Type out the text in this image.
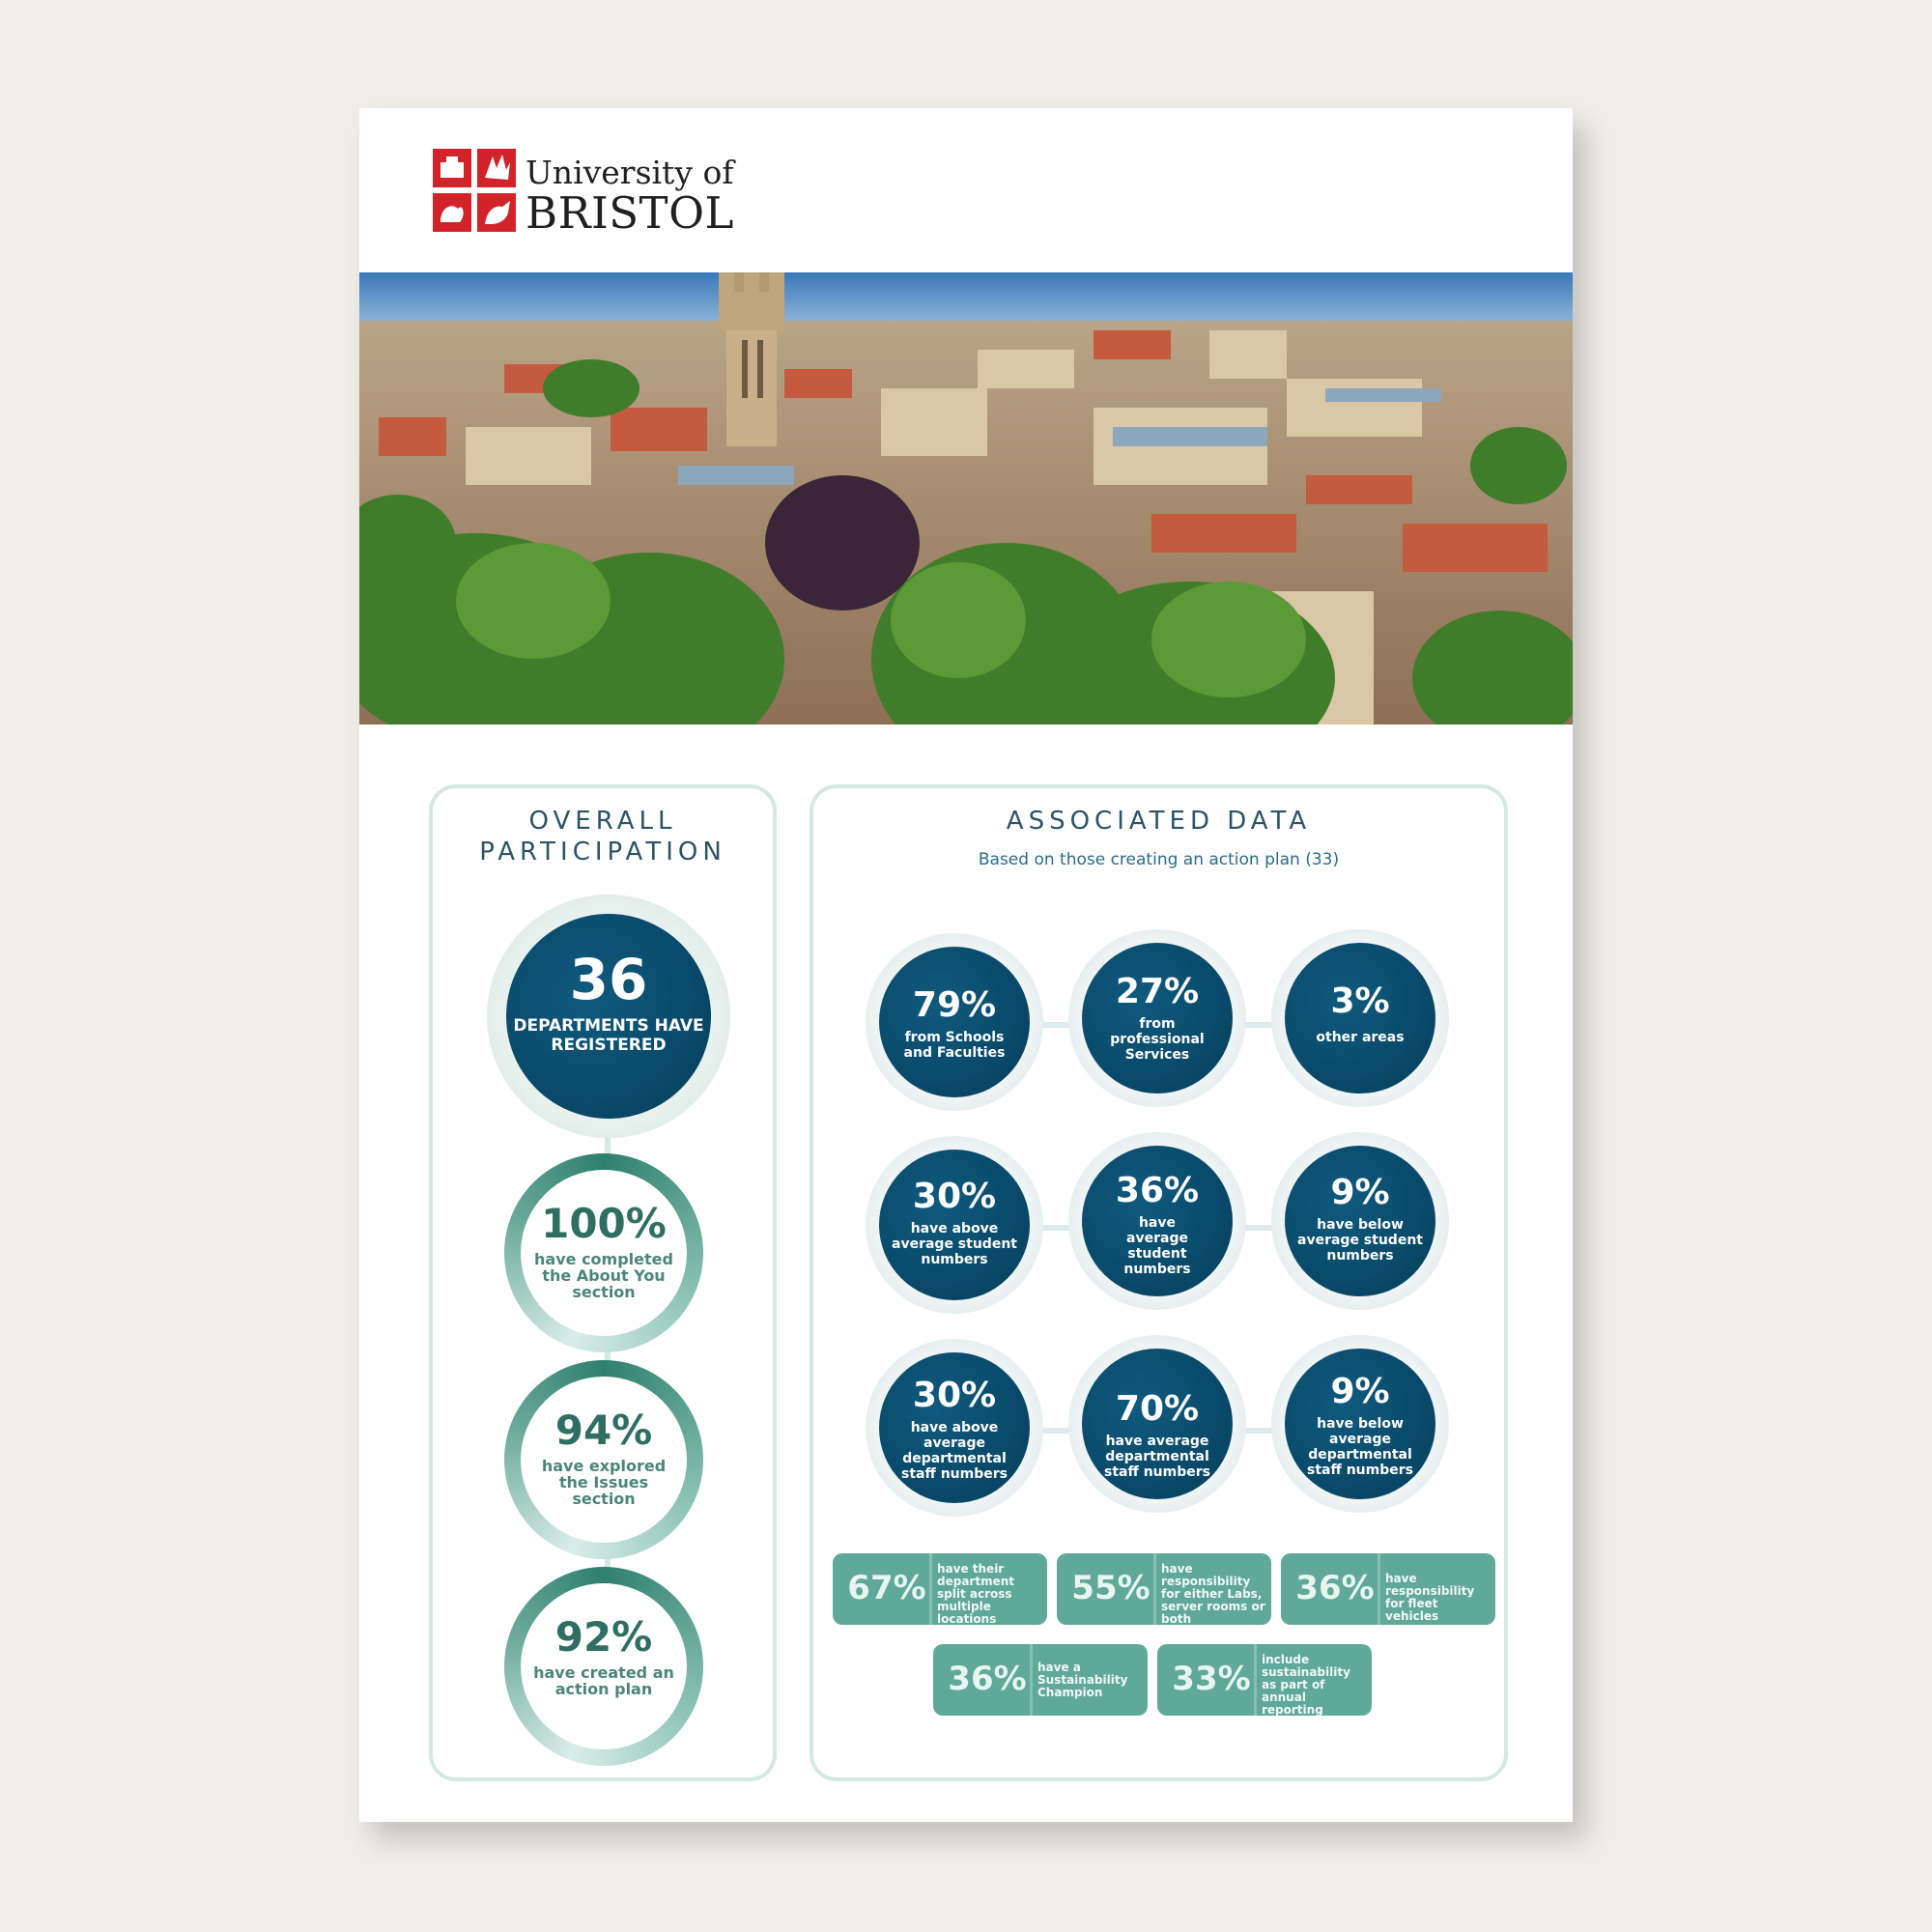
University of
BRISTOL
OVERALL
PARTICIPATION
36
DEPARTMENTS HAVE REGISTERED
100%
have completed the About You section
94%
have explored the Issues section
92%
have created an action plan
ASSOCIATED DATA
Based on those creating an action plan (33)
79%
from Schools and Faculties
27%
from professional Services
3%
other areas
30%
have above average student numbers
36%
have average student numbers
9%
have below average student numbers
30%
have above average departmental staff numbers
70%
have average departmental staff numbers
9%
have below average departmental staff numbers
67% have their department split across multiple locations
55% have responsibility for either Labs, server rooms or both
36% have responsibility for fleet vehicles
36% have a Sustainability Champion	33% include sustainability as part of annual reporting
